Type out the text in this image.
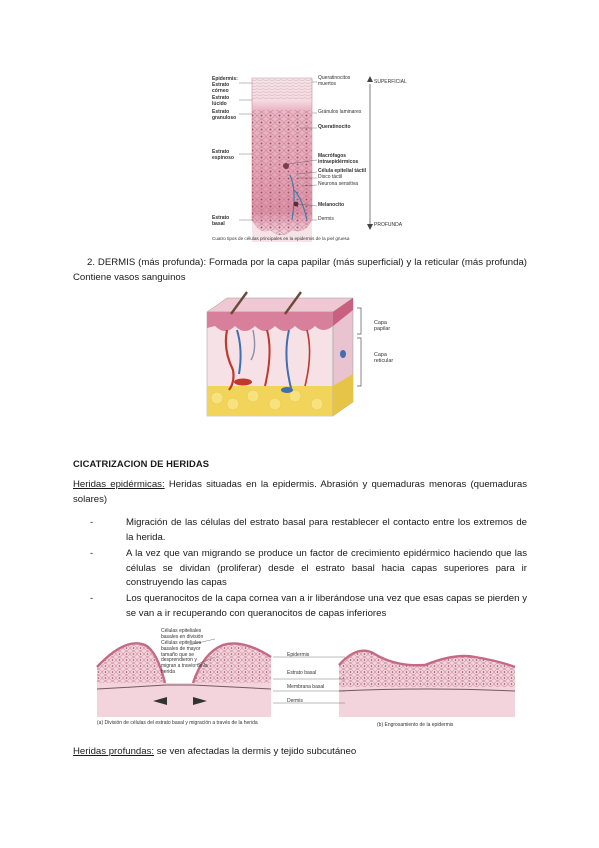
Epidermis:
Estrato córneo
Estrato lúcido
Estrato granuloso
Estrato espinoso
Estrato basal
Queratinocitos muertos
Gránulos laminares
Queratinocito
Macrófagos intraepidérmicos
Célula epitelial táctil
Disco táctil
Neurona sensitiva
Melanocito
Dermis
SUPERFICIAL
PROFUNDA
Cuatro tipos de células principales en la epidermis de la piel gruesa

2. DERMIS (más profunda): Formada por la capa papilar (más superficial) y la reticular (más profunda) Contiene vasos sanguinos

Capa papilar
Capa reticular
CICATRIZACION DE HERIDAS

Heridas epidérmicas: Heridas situadas en la epidermis. Abrasión y quemaduras menoras (quemaduras solares)

- Migración de las células del estrato basal para restablecer el contacto entre los extremos de la herida.
- A la vez que van migrando se produce un factor de crecimiento epidérmico haciendo que las células se dividan (proliferar) desde el estrato basal hacia capas superiores para ir construyendo las capas
- Los queranocitos de la capa cornea van a ir liberándose una vez que esas capas se pierden y se van a ir recuperando con queranocitos de capas inferiores
Células epiteliales basales en división
Células epiteliales basales de mayor tamaño que se desprendieron y migran a través de la herida
Epidermis
Estrato basal
Membrana basal
Dermis
(a) División de células del estrato basal y migración a través de la herida	(b) Engrosamiento de la epidermis

Heridas profundas: se ven afectadas la dermis y tejido subcutáneo
